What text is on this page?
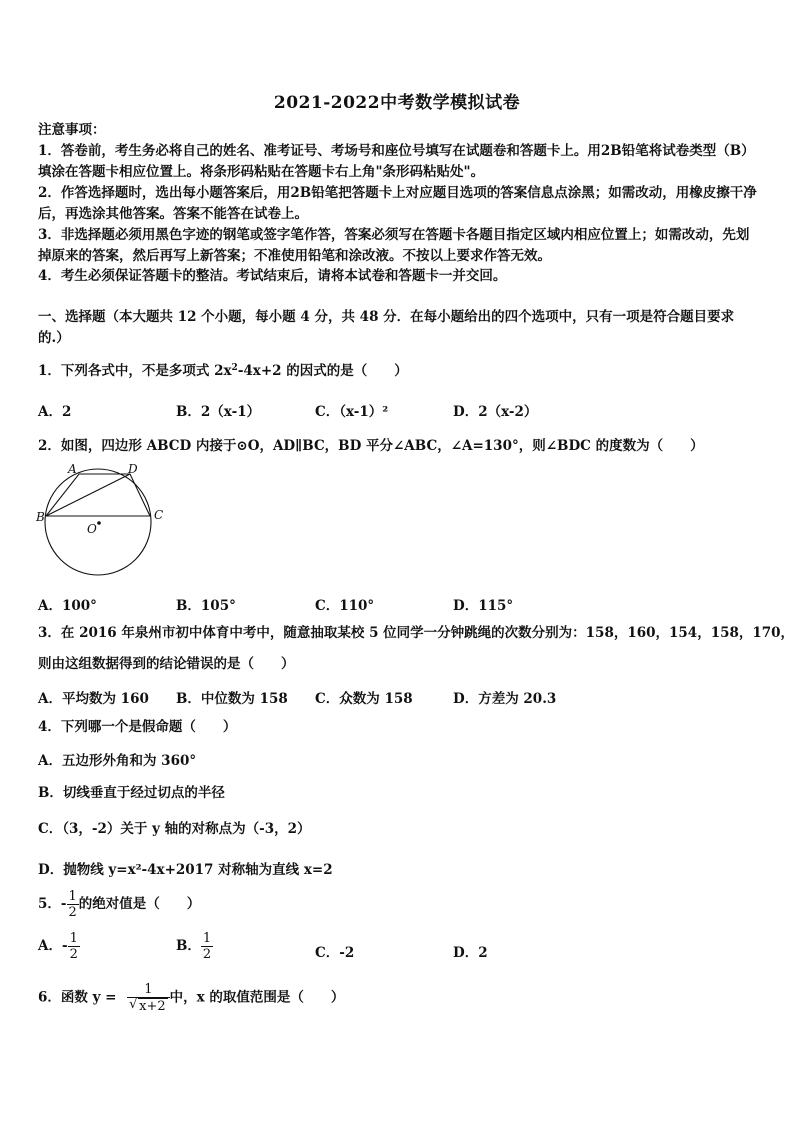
2021-2022中考数学模拟试卷
注意事项：
1．答卷前，考生务必将自己的姓名、准考证号、考场号和座位号填写在试题卷和答题卡上。用2B铅笔将试卷类型（B）填涂在答题卡相应位置上。将条形码粘贴在答题卡右上角"条形码粘贴处"。
2．作答选择题时，选出每小题答案后，用2B铅笔把答题卡上对应题目选项的答案信息点涂黑；如需改动，用橡皮擦干净后，再选涂其他答案。答案不能答在试卷上。
3．非选择题必须用黑色字迹的钢笔或签字笔作答，答案必须写在答题卡各题目指定区域内相应位置上；如需改动，先划掉原来的答案，然后再写上新答案；不准使用铅笔和涂改液。不按以上要求作答无效。
4．考生必须保证答题卡的整洁。考试结束后，请将本试卷和答题卡一并交回。
一、选择题（本大题共 12 个小题，每小题 4 分，共 48 分．在每小题给出的四个选项中，只有一项是符合题目要求
的.）
1．下列各式中，不是多项式 $2x^2-4x+2$ 的因式的是（　　）
A．2	B．2（x-1）	C．（x-1）²	D．2（x-2）
2．如图，四边形 ABCD 内接于⊙O，AD∥BC，BD 平分∠ABC，∠A=130°，则∠BDC 的度数为（　　）
A	D
B	C
O
A．100°	B．105°	C．110°	D．115°
3．在 2016 年泉州市初中体育中考中，随意抽取某校 5 位同学一分钟跳绳的次数分别为：158，160，154，158，170，
则由这组数据得到的结论错误的是（　　）
A．平均数为 160 B．中位数为 158 C．众数为 158	D．方差为 20.3
4．下列哪一个是假命题（　　）
A．五边形外角和为 360°
B．切线垂直于经过切点的半径
C．（3，-2）关于 y 轴的对称点为（-3，2）
D．抛物线 y=x²-4x+2017 对称轴为直线 x=2
5．- $\frac{1}{2}$ 的绝对值是（　　）
A．- $\frac{1}{2}$	B． $\frac{1}{2}$	C．-2	D．2
6．函数 y = 1
√ x+2 中，x 的取值范围是（　　）
